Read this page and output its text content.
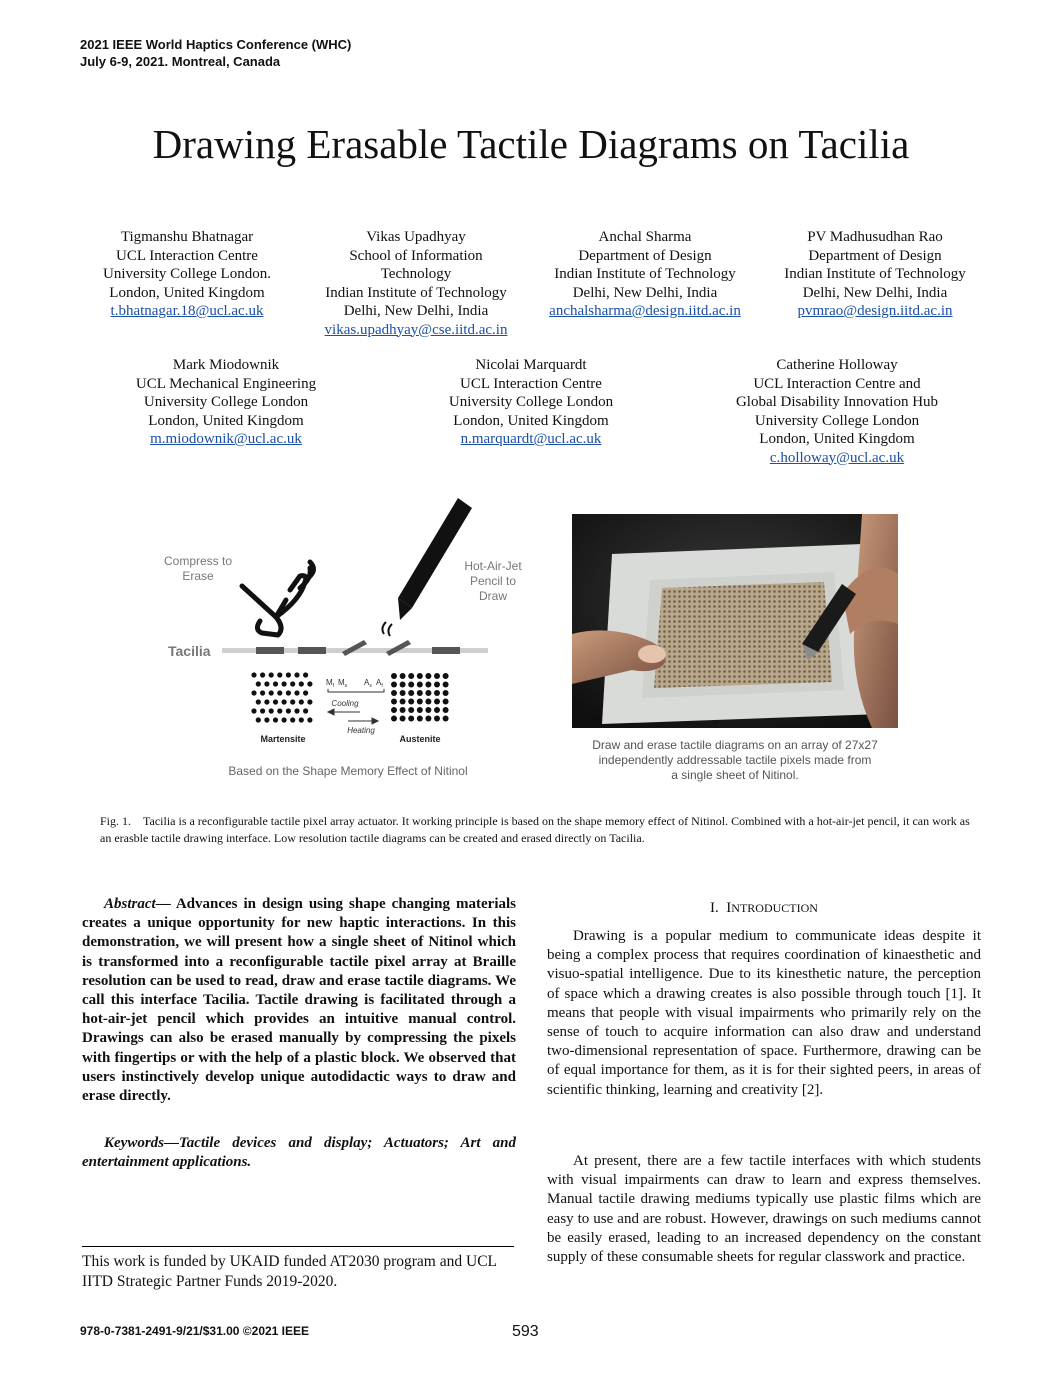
2021 IEEE World Haptics Conference (WHC)
July 6-9, 2021. Montreal, Canada
Drawing Erasable Tactile Diagrams on Tacilia
Tigmanshu Bhatnagar
UCL Interaction Centre
University College London.
London, United Kingdom
t.bhatnagar.18@ucl.ac.uk
Vikas Upadhyay
School of Information
Technology
Indian Institute of Technology
Delhi, New Delhi, India
vikas.upadhyay@cse.iitd.ac.in
Anchal Sharma
Department of Design
Indian Institute of Technology
Delhi, New Delhi, India
anchalsharma@design.iitd.ac.in
PV Madhusudhan Rao
Department of Design
Indian Institute of Technology
Delhi, New Delhi, India
pvmrao@design.iitd.ac.in
Mark Miodownik
UCL Mechanical Engineering
University College London
London, United Kingdom
m.miodownik@ucl.ac.uk
Nicolai Marquardt
UCL Interaction Centre
University College London
London, United Kingdom
n.marquardt@ucl.ac.uk
Catherine Holloway
UCL Interaction Centre and
Global Disability Innovation Hub
University College London
London, United Kingdom
c.holloway@ucl.ac.uk
Compress to
Erase
Hot-Air-Jet
Pencil to
Draw
Tacilia
$M_f$ $M_s$ $A_s$ $A_f$
Cooling
Heating
Martensite	Austenite
Based on the Shape Memory Effect of Nitinol
Draw and erase tactile diagrams on an array of 27x27
independently addressable tactile pixels made from
a single sheet of Nitinol.
Fig. 1. Tacilia is a reconfigurable tactile pixel array actuator. It working principle is based on the shape memory effect of Nitinol. Combined with a hot-air-jet pencil, it can work as an erasble tactile drawing interface. Low resolution tactile diagrams can be created and erased directly on Tacilia.
Abstract— Advances in design using shape changing materials creates a unique opportunity for new haptic interactions. In this demonstration, we will present how a single sheet of Nitinol which is transformed into a reconfigurable tactile pixel array at Braille resolution can be used to read, draw and erase tactile diagrams. We call this interface Tacilia. Tactile drawing is facilitated through a hot-air-jet pencil which provides an intuitive manual control. Drawings can also be erased manually by compressing the pixels with fingertips or with the help of a plastic block. We observed that users instinctively develop unique autodidactic ways to draw and erase directly.
Keywords—Tactile devices and display; Actuators; Art and entertainment applications.
This work is funded by UKAID funded AT2030 program and UCL IITD Strategic Partner Funds 2019-2020.
I. INTRODUCTION
Drawing is a popular medium to communicate ideas despite it being a complex process that requires coordination of kinaesthetic and visuo-spatial intelligence. Due to its kinesthetic nature, the perception of space which a drawing creates is also possible through touch [1]. It means that people with visual impairments who primarily rely on the sense of touch to acquire information can also draw and understand two-dimensional representation of space. Furthermore, drawing can be of equal importance for them, as it is for their sighted peers, in areas of scientific thinking, learning and creativity [2].
At present, there are a few tactile interfaces with which students with visual impairments can draw to learn and express themselves. Manual tactile drawing mediums typically use plastic films which are easy to use and are robust. However, drawings on such mediums cannot be easily erased, leading to an increased dependency on the constant supply of these consumable sheets for regular classwork and practice.
978-0-7381-2491-9/21/$31.00 ©2021 IEEE	593
